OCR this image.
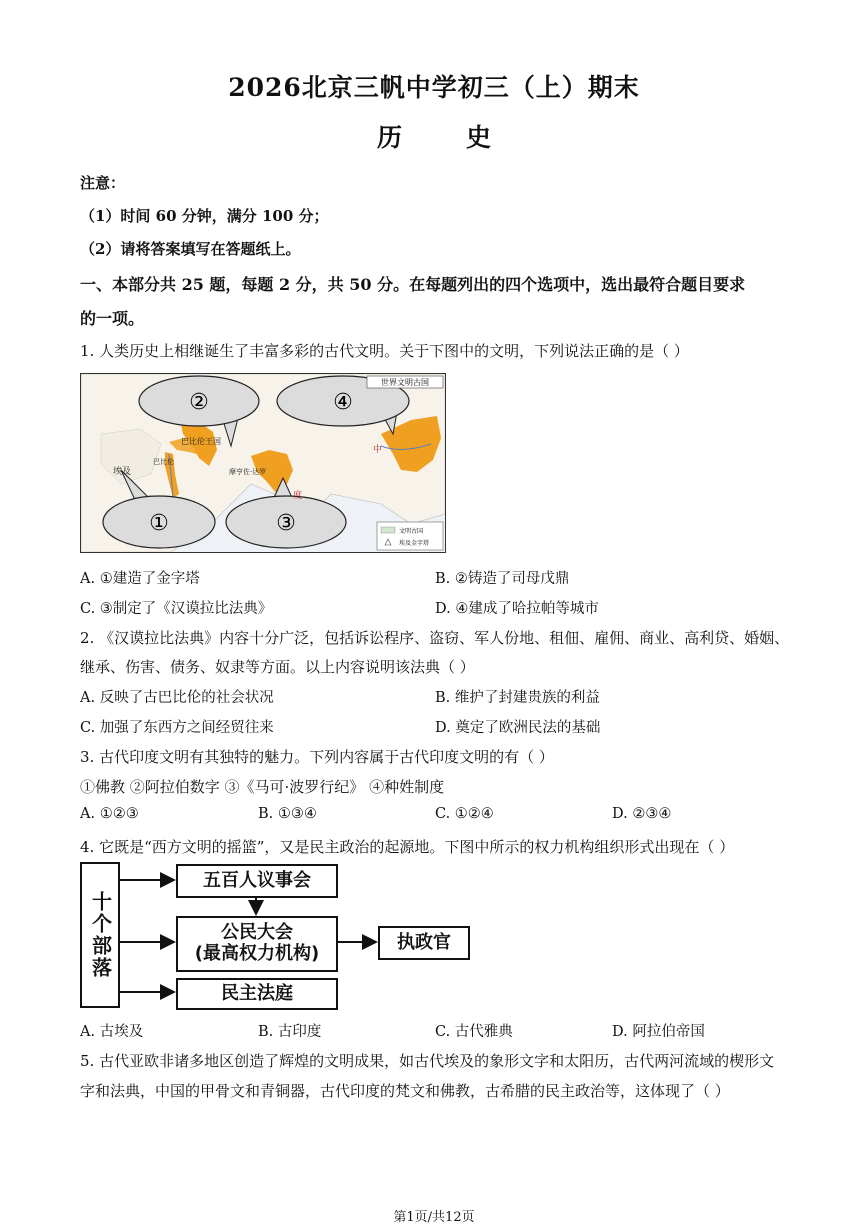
2026北京三帆中学初三（上）期末
历	史
注意：
（1）时间 60 分钟，满分 100 分；
（2）请将答案填写在答题纸上。
一、本部分共 25 题，每题 2 分，共 50 分。在每题列出的四个选项中，选出最符合题目要求
的一项。
1. 人类历史上相继诞生了丰富多彩的古代文明。关于下图中的文明，下列说法正确的是（ ）
②	④
①	③
巴比伦王国
巴比伦
埃及	摩亨佐·达罗
中
度
世界文明古国
文明古国
埃及金字塔
A. ①建造了金字塔	B. ②铸造了司母戊鼎
C. ③制定了《汉谟拉比法典》	D. ④建成了哈拉帕等城市
2. 《汉谟拉比法典》内容十分广泛，包括诉讼程序、盗窃、军人份地、租佃、雇佣、商业、高利贷、婚姻、
继承、伤害、债务、奴隶等方面。以上内容说明该法典（ ）
A. 反映了古巴比伦的社会状况	B. 维护了封建贵族的利益
C. 加强了东西方之间经贸往来	D. 奠定了欧洲民法的基础
3. 古代印度文明有其独特的魅力。下列内容属于古代印度文明的有（ ）
①佛教 ②阿拉伯数字 ③《马可·波罗行纪》 ④种姓制度
A. ①②③	B. ①③④	C. ①②④	D. ②③④
4. 它既是“西方文明的摇篮”，又是民主政治的起源地。下图中所示的权力机构组织形式出现在（ ）
十个部落
五百人议事会
公民大会
(最高权力机构)
执政官
民主法庭
A. 古埃及	B. 古印度	C. 古代雅典	D. 阿拉伯帝国
5. 古代亚欧非诸多地区创造了辉煌的文明成果，如古代埃及的象形文字和太阳历，古代两河流域的楔形文
字和法典，中国的甲骨文和青铜器，古代印度的梵文和佛教，古希腊的民主政治等，这体现了（ ）
第1页/共12页
